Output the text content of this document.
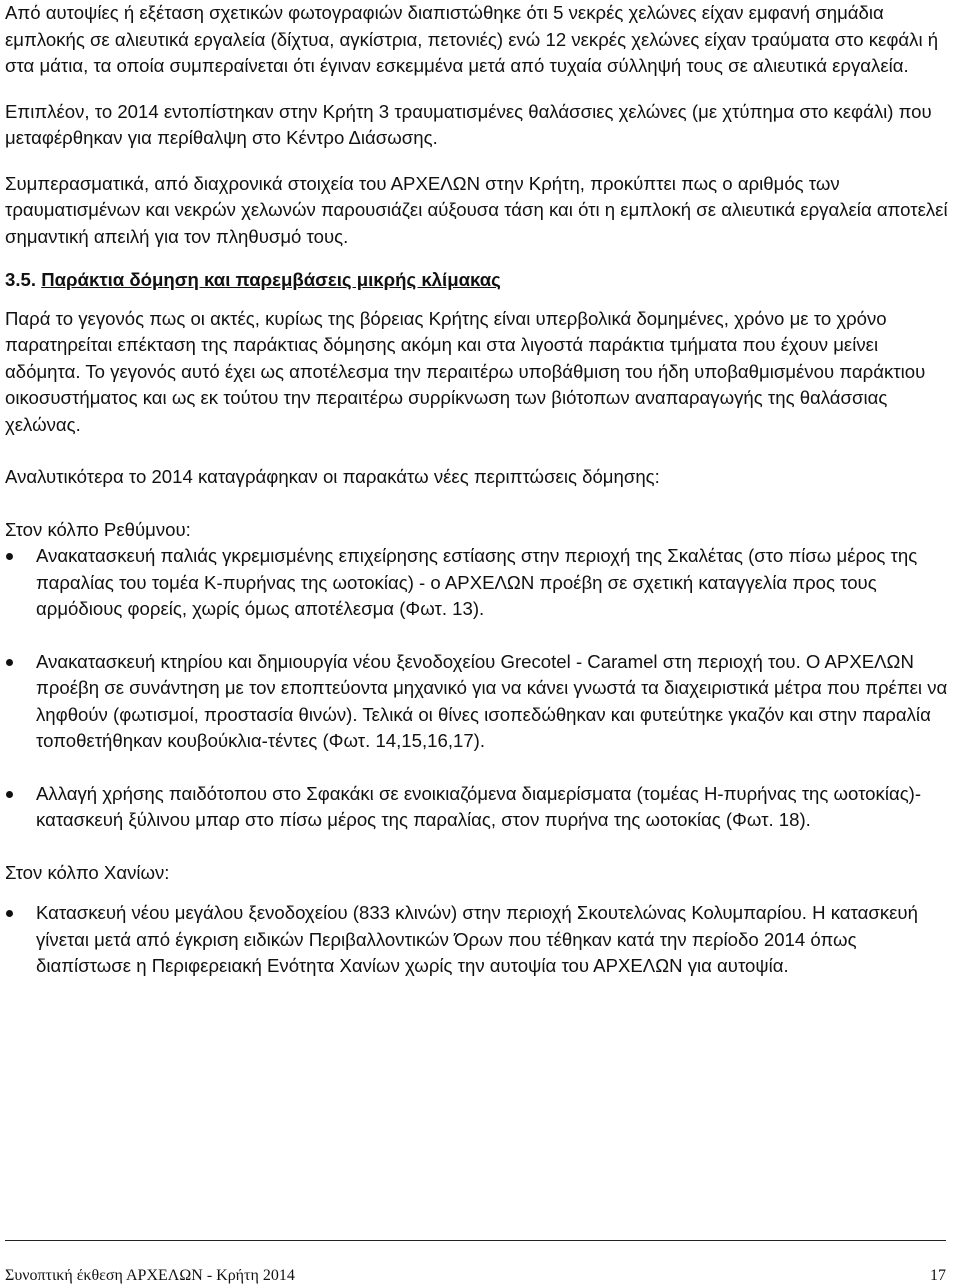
Από αυτοψίες ή εξέταση σχετικών φωτογραφιών διαπιστώθηκε ότι 5 νεκρές χελώνες είχαν εμφανή σημάδια εμπλοκής σε αλιευτικά εργαλεία (δίχτυα, αγκίστρια, πετονιές) ενώ 12 νεκρές χελώνες είχαν τραύματα στο κεφάλι ή στα μάτια, τα οποία συμπεραίνεται ότι έγιναν εσκεμμένα μετά από τυχαία σύλληψή τους σε αλιευτικά εργαλεία.

Επιπλέον, το 2014 εντοπίστηκαν στην Κρήτη 3 τραυματισμένες θαλάσσιες χελώνες (με χτύπημα στο κεφάλι) που μεταφέρθηκαν για περίθαλψη στο Κέντρο Διάσωσης.

Συμπερασματικά, από διαχρονικά στοιχεία του ΑΡΧΕΛΩΝ στην Κρήτη, προκύπτει πως ο αριθμός των τραυματισμένων και νεκρών χελωνών παρουσιάζει αύξουσα τάση και ότι η εμπλοκή σε αλιευτικά εργαλεία αποτελεί σημαντική απειλή για τον πληθυσμό τους.

3.5. Παράκτια δόμηση και παρεμβάσεις μικρής κλίμακας

Παρά το γεγονός πως οι ακτές, κυρίως της βόρειας Κρήτης είναι υπερβολικά δομημένες, χρόνο με το χρόνο παρατηρείται επέκταση της παράκτιας δόμησης ακόμη και στα λιγοστά παράκτια τμήματα που έχουν μείνει αδόμητα. Το γεγονός αυτό έχει ως αποτέλεσμα την περαιτέρω υποβάθμιση του ήδη υποβαθμισμένου παράκτιου οικοσυστήματος και ως εκ τούτου την περαιτέρω συρρίκνωση των βιότοπων αναπαραγωγής της θαλάσσιας χελώνας.

Αναλυτικότερα το 2014 καταγράφηκαν οι παρακάτω νέες περιπτώσεις δόμησης:

Στον κόλπο Ρεθύμνου:

Ανακατασκευή παλιάς γκρεμισμένης επιχείρησης εστίασης στην περιοχή της Σκαλέτας (στο πίσω μέρος της παραλίας του τομέα Κ-πυρήνας της ωοτοκίας) - ο ΑΡΧΕΛΩΝ προέβη σε σχετική καταγγελία προς τους αρμόδιους φορείς, χωρίς όμως αποτέλεσμα (Φωτ. 13).
Ανακατασκευή κτηρίου και δημιουργία νέου ξενοδοχείου Grecotel - Caramel στη περιοχή του. Ο ΑΡΧΕΛΩΝ προέβη σε συνάντηση με τον εποπτεύοντα μηχανικό για να κάνει γνωστά τα διαχειριστικά μέτρα που πρέπει να ληφθούν (φωτισμοί, προστασία θινών). Τελικά οι θίνες ισοπεδώθηκαν και φυτεύτηκε γκαζόν και στην παραλία τοποθετήθηκαν κουβούκλια-τέντες (Φωτ. 14,15,16,17).
Αλλαγή χρήσης παιδότοπου στο Σφακάκι σε ενοικιαζόμενα διαμερίσματα (τομέας Η-πυρήνας της ωοτοκίας)- κατασκευή ξύλινου μπαρ στο πίσω μέρος της παραλίας, στον πυρήνα της ωοτοκίας (Φωτ. 18).

Στον κόλπο Χανίων:

Κατασκευή νέου μεγάλου ξενοδοχείου (833 κλινών) στην περιοχή Σκουτελώνας Κολυμπαρίου. Η κατασκευή γίνεται μετά από έγκριση ειδικών Περιβαλλοντικών Όρων που τέθηκαν κατά την περίοδο 2014 όπως διαπίστωσε η Περιφερειακή Ενότητα Χανίων χωρίς την αυτοψία του ΑΡΧΕΛΩΝ για αυτοψία.
Συνοπτική έκθεση ΑΡΧΕΛΩΝ - Κρήτη 2014	17
